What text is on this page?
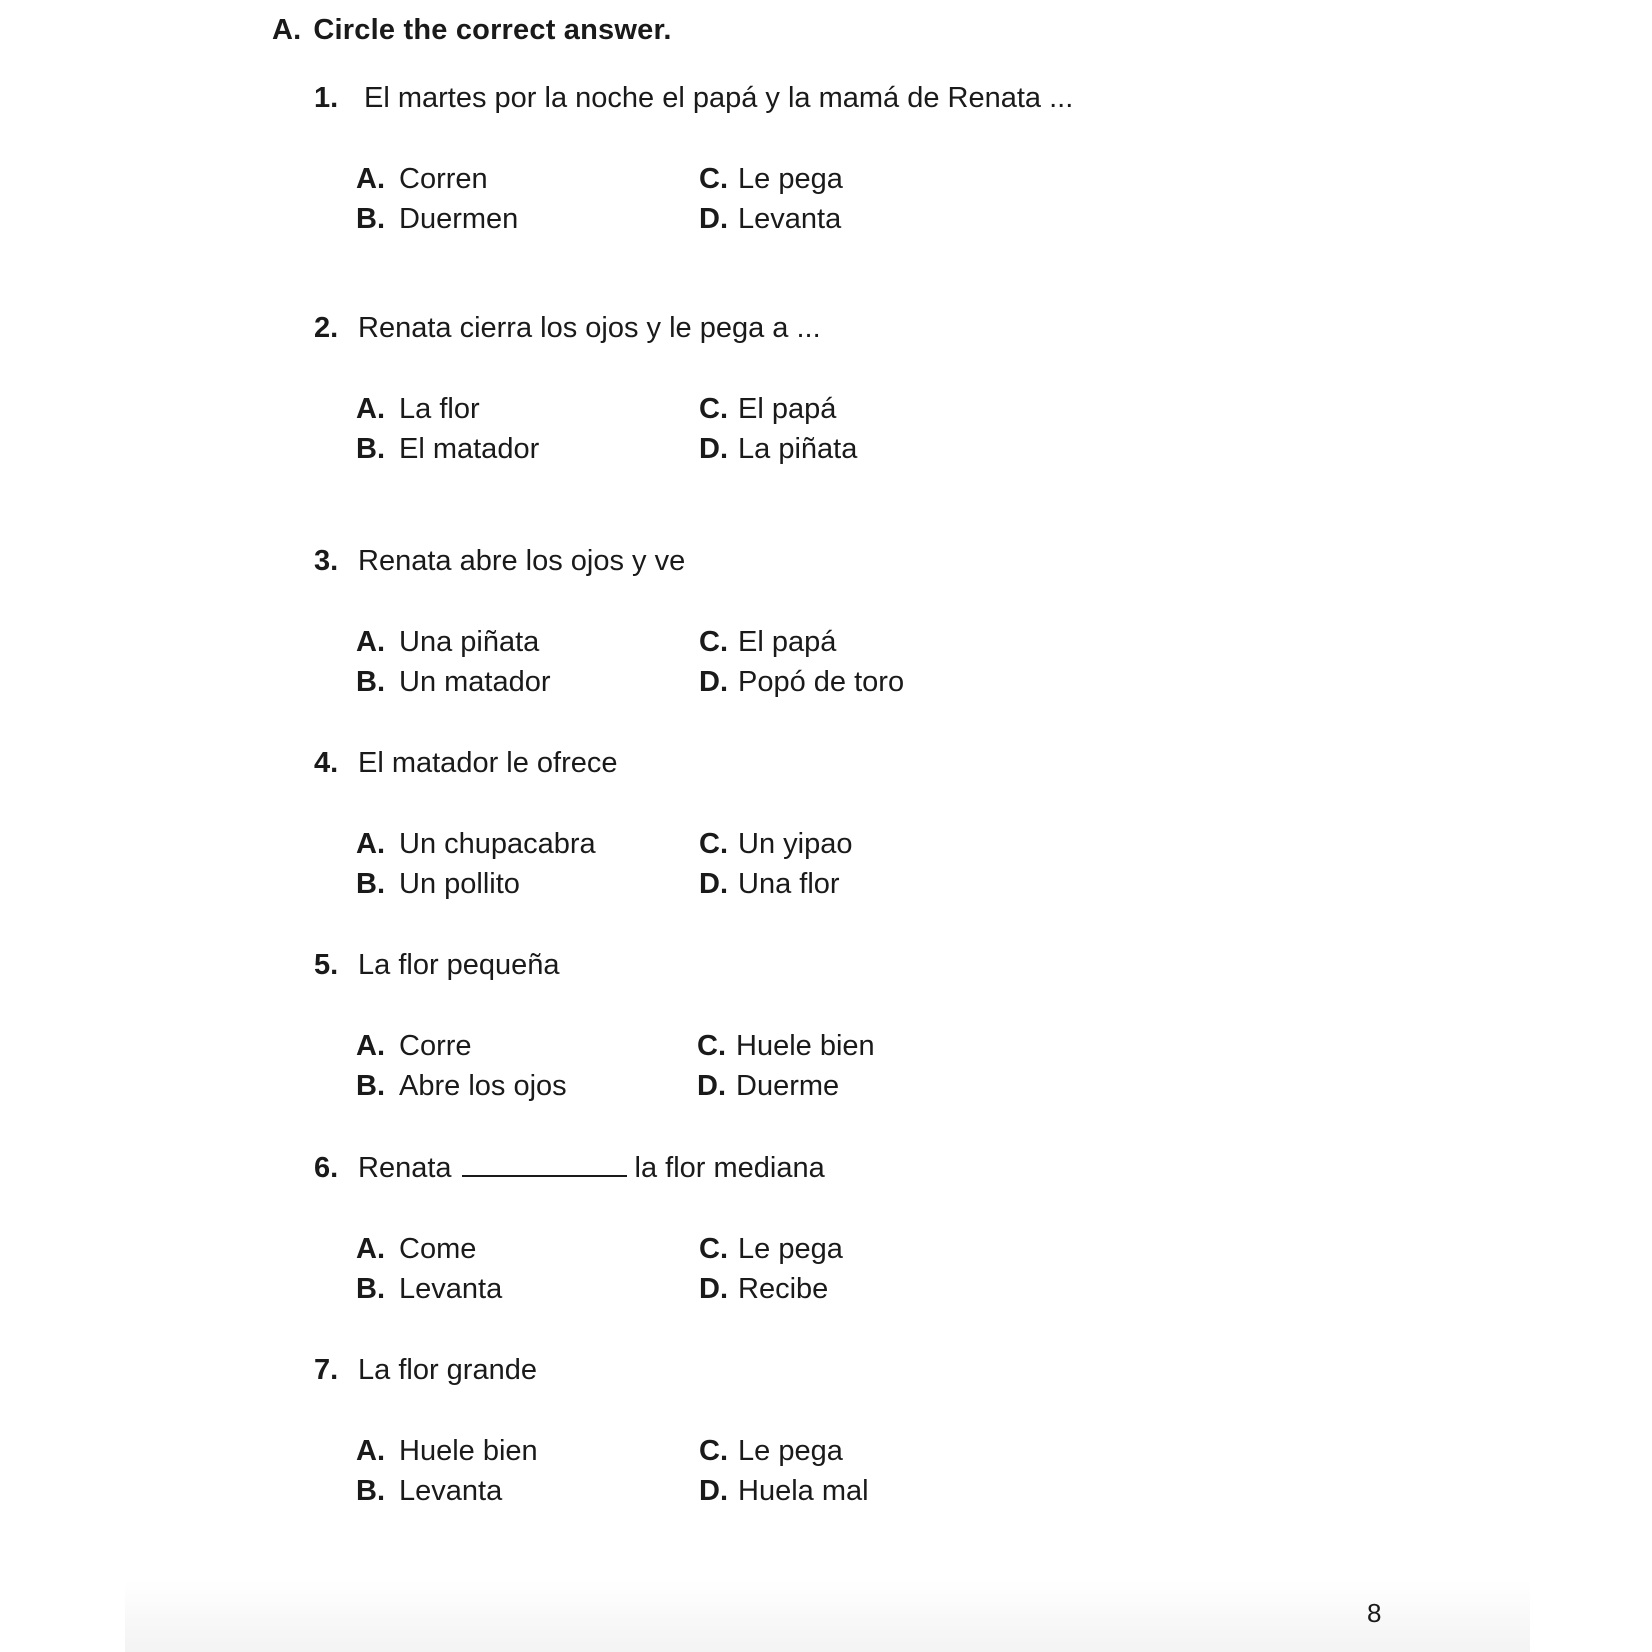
A. Circle the correct answer.
1. El martes por la noche el papá y la mamá de Renata ...
A. Corren
B. Duermen
C. Le pega
D. Levanta
2. Renata cierra los ojos y le pega a ...
A. La flor
B. El matador
C. El papá
D. La piñata
3. Renata abre los ojos y ve
A. Una piñata
B. Un matador
C. El papá
D. Popó de toro
4. El matador le ofrece
A. Un chupacabra
B. Un pollito
C. Un yipao
D. Una flor
5. La flor pequeña
A. Corre
B. Abre los ojos
C. Huele bien
D. Duerme
6. Renata	la flor mediana
A. Come
B. Levanta
C. Le pega
D. Recibe
7. La flor grande
A. Huele bien
B. Levanta
C. Le pega
D. Huela mal
8
